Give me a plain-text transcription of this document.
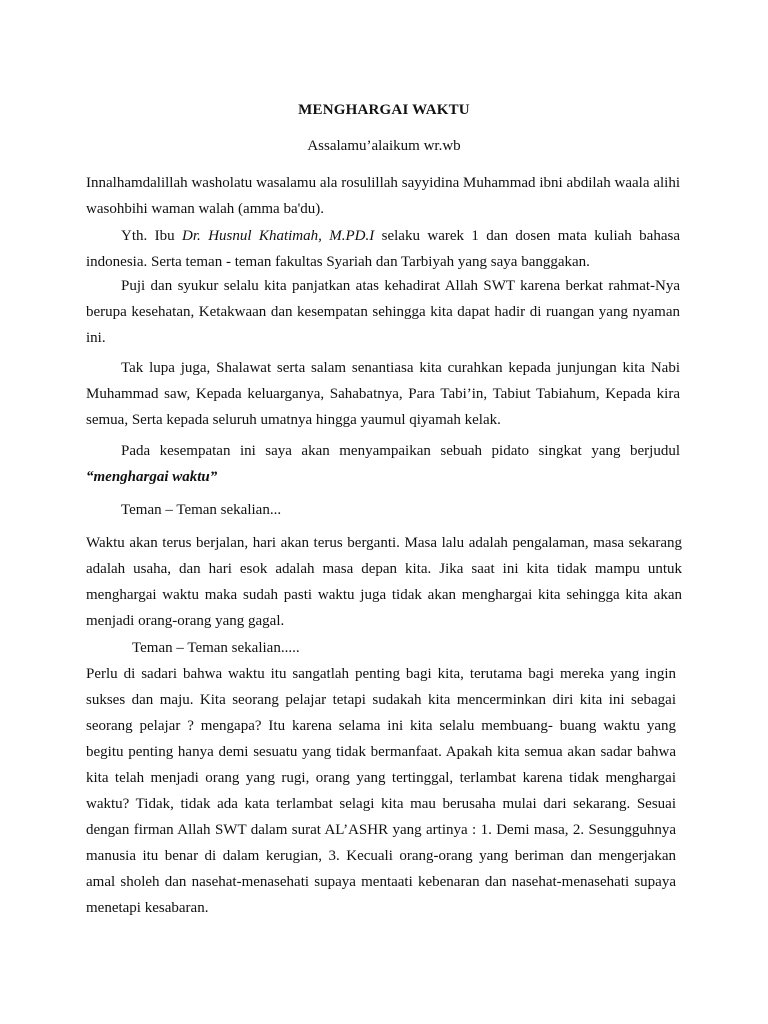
MENGHARGAI WAKTU
Assalamu’alaikum wr.wb

Innalhamdalillah washolatu wasalamu ala rosulillah sayyidina Muhammad ibni abdilah waala alihi wasohbihi waman walah (amma ba'du).

Yth. Ibu Dr. Husnul Khatimah, M.PD.I selaku warek 1 dan dosen mata kuliah bahasa indonesia. Serta teman - teman fakultas Syariah dan Tarbiyah yang saya banggakan.

Puji dan syukur selalu kita panjatkan atas kehadirat Allah SWT karena berkat rahmat-Nya berupa kesehatan, Ketakwaan dan kesempatan sehingga kita dapat hadir di ruangan yang nyaman ini.

Tak lupa juga, Shalawat serta salam senantiasa kita curahkan kepada junjungan kita Nabi Muhammad saw, Kepada keluarganya, Sahabatnya, Para Tabi’in, Tabiut Tabiahum, Kepada kira semua, Serta kepada seluruh umatnya hingga yaumul qiyamah kelak.

Pada kesempatan ini saya akan menyampaikan sebuah pidato singkat yang berjudul “menghargai waktu”

Teman – Teman sekalian...

Waktu akan terus berjalan, hari akan terus berganti. Masa lalu adalah pengalaman, masa sekarang adalah usaha, dan hari esok adalah masa depan kita. Jika saat ini kita tidak mampu untuk menghargai waktu maka sudah pasti waktu juga tidak akan menghargai kita sehingga kita akan menjadi orang-orang yang gagal.

Teman – Teman sekalian.....

Perlu di sadari bahwa waktu itu sangatlah penting bagi kita, terutama bagi mereka yang ingin sukses dan maju. Kita seorang pelajar tetapi sudakah kita mencerminkan diri kita ini sebagai seorang pelajar ? mengapa? Itu karena selama ini kita selalu membuang- buang waktu yang begitu penting hanya demi sesuatu yang tidak bermanfaat. Apakah kita semua akan sadar bahwa kita telah menjadi orang yang rugi, orang yang tertinggal, terlambat karena tidak menghargai waktu? Tidak, tidak ada kata terlambat selagi kita mau berusaha mulai dari sekarang. Sesuai dengan firman Allah SWT dalam surat AL’ASHR yang artinya : 1. Demi masa, 2. Sesungguhnya manusia itu benar di dalam kerugian, 3. Kecuali orang-orang yang beriman dan mengerjakan amal sholeh dan nasehat-menasehati supaya mentaati kebenaran dan nasehat-menasehati supaya menetapi kesabaran.
